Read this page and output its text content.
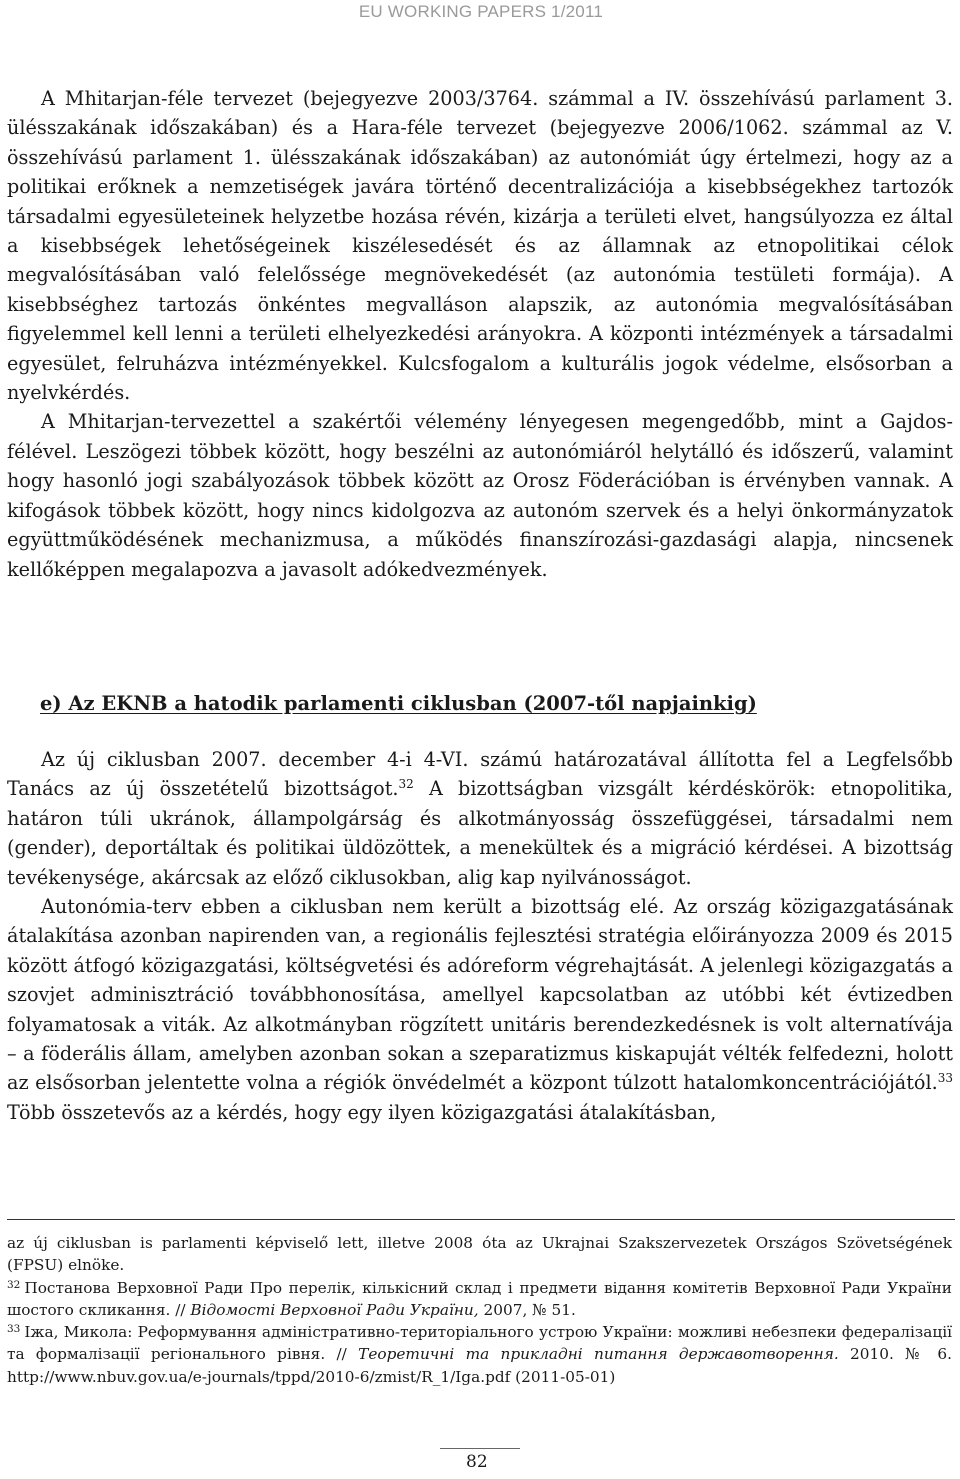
EU WORKING PAPERS 1/2011

A Mhitarjan-féle tervezet (bejegyezve 2003/3764. számmal a IV. összehívású parlament 3. ülésszakának időszakában) és a Hara-féle tervezet (bejegyezve 2006/1062. számmal az V. összehívású parlament 1. ülésszakának időszakában) az autonómiát úgy értelmezi, hogy az a politikai erőknek a nemzetiségek javára történő decentralizációja a kisebbségekhez tartozók társadalmi egyesületeinek helyzetbe hozása révén, kizárja a területi elvet, hangsúlyozza ez által a kisebbségek lehetőségeinek kiszélesedését és az államnak az etnopolitikai célok megvalósításában való felelőssége megnövekedését (az autonómia testületi formája). A kisebbséghez tartozás önkéntes megvalláson alapszik, az autonómia megvalósításában figyelemmel kell lenni a területi elhelyezkedési arányokra. A központi intézmények a társadalmi egyesület, felruházva intézményekkel. Kulcsfogalom a kulturális jogok védelme, elsősorban a nyelvkérdés.

A Mhitarjan-tervezettel a szakértői vélemény lényegesen megengedőbb, mint a Gajdos-félével. Leszögezi többek között, hogy beszélni az autonómiáról helytálló és időszerű, valamint hogy hasonló jogi szabályozások többek között az Orosz Föderációban is érvényben vannak. A kifogások többek között, hogy nincs kidolgozva az autonóm szervek és a helyi önkormányzatok együttműködésének mechanizmusa, a működés finanszírozási-gazdasági alapja, nincsenek kellőképpen megalapozva a javasolt adókedvezmények.

e) Az EKNB a hatodik parlamenti ciklusban (2007-től napjainkig)

Az új ciklusban 2007. december 4-i 4-VI. számú határozatával állította fel a Legfelsőbb Tanács az új összetételű bizottságot.$^{32}$ A bizottságban vizsgált kérdéskörök: etnopolitika, határon túli ukránok, állampolgárság és alkotmányosság összefüggései, társadalmi nem (gender), deportáltak és politikai üldözöttek, a menekültek és a migráció kérdései. A bizottság tevékenysége, akárcsak az előző ciklusokban, alig kap nyilvánosságot.

Autonómia-terv ebben a ciklusban nem került a bizottság elé. Az ország közigazgatásának átalakítása azonban napirenden van, a regionális fejlesztési stratégia előirányozza 2009 és 2015 között átfogó közigazgatási, költségvetési és adóreform végrehajtását. A jelenlegi közigazgatás a szovjet adminisztráció továbbhonosítása, amellyel kapcsolatban az utóbbi két évtizedben folyamatosak a viták. Az alkotmányban rögzített unitáris berendezkedésnek is volt alternatívája – a föderális állam, amelyben azonban sokan a szeparatizmus kiskapuját vélték felfedezni, holott az elsősorban jelentette volna a régiók önvédelmét a központ túlzott hatalomkoncentrációjától.$^{33}$ Több összetevős az a kérdés, hogy egy ilyen közigazgatási átalakításban,

az új ciklusban is parlamenti képviselő lett, illetve 2008 óta az Ukrajnai Szakszervezetek Országos Szövetségének (FPSU) elnöke.

$^{32}$ Постанова Верховної Ради Про перелік, кількісний склад і предмети відання комітетів Верховної Ради України шостого скликання. // Відомості Верховної Ради України, 2007, № 51.

$^{33}$ Іжа, Микола: Реформування адміністративно-територіального устрою України: можливі небезпеки федералізації та формалізації регіонального рівня. // Теоретичні та прикладні питання державотворення. 2010. № 6. http://www.nbuv.gov.ua/e-journals/tppd/2010-6/zmist/R_1/Iga.pdf (2011-05-01)

82
